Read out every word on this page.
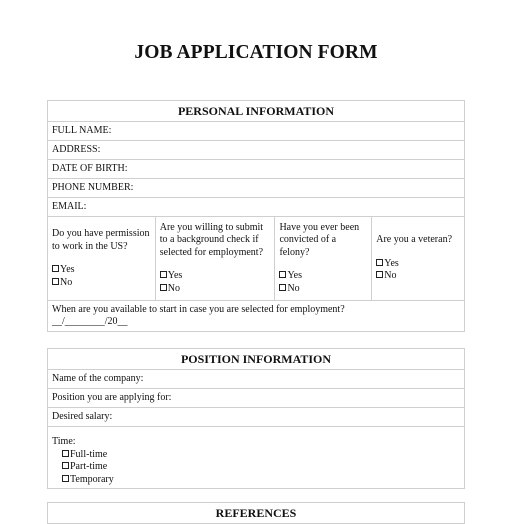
JOB APPLICATION FORM
PERSONAL INFORMATION
FULL NAME:
ADDRESS:
DATE OF BIRTH:
PHONE NUMBER:
EMAIL:

Do you have permission to work in the US?
Yes
No

Are you willing to submit to a background check if selected for employment?
Yes
No

Have you ever been convicted of a felony?
Yes
No

Are you a veteran?
Yes
No

When are you available to start in case you are selected for employment?
__/________/20__
POSITION INFORMATION
Name of the company:
Position you are applying for:
Desired salary:

Time:
Full-time
Part-time
Temporary
REFERENCES
